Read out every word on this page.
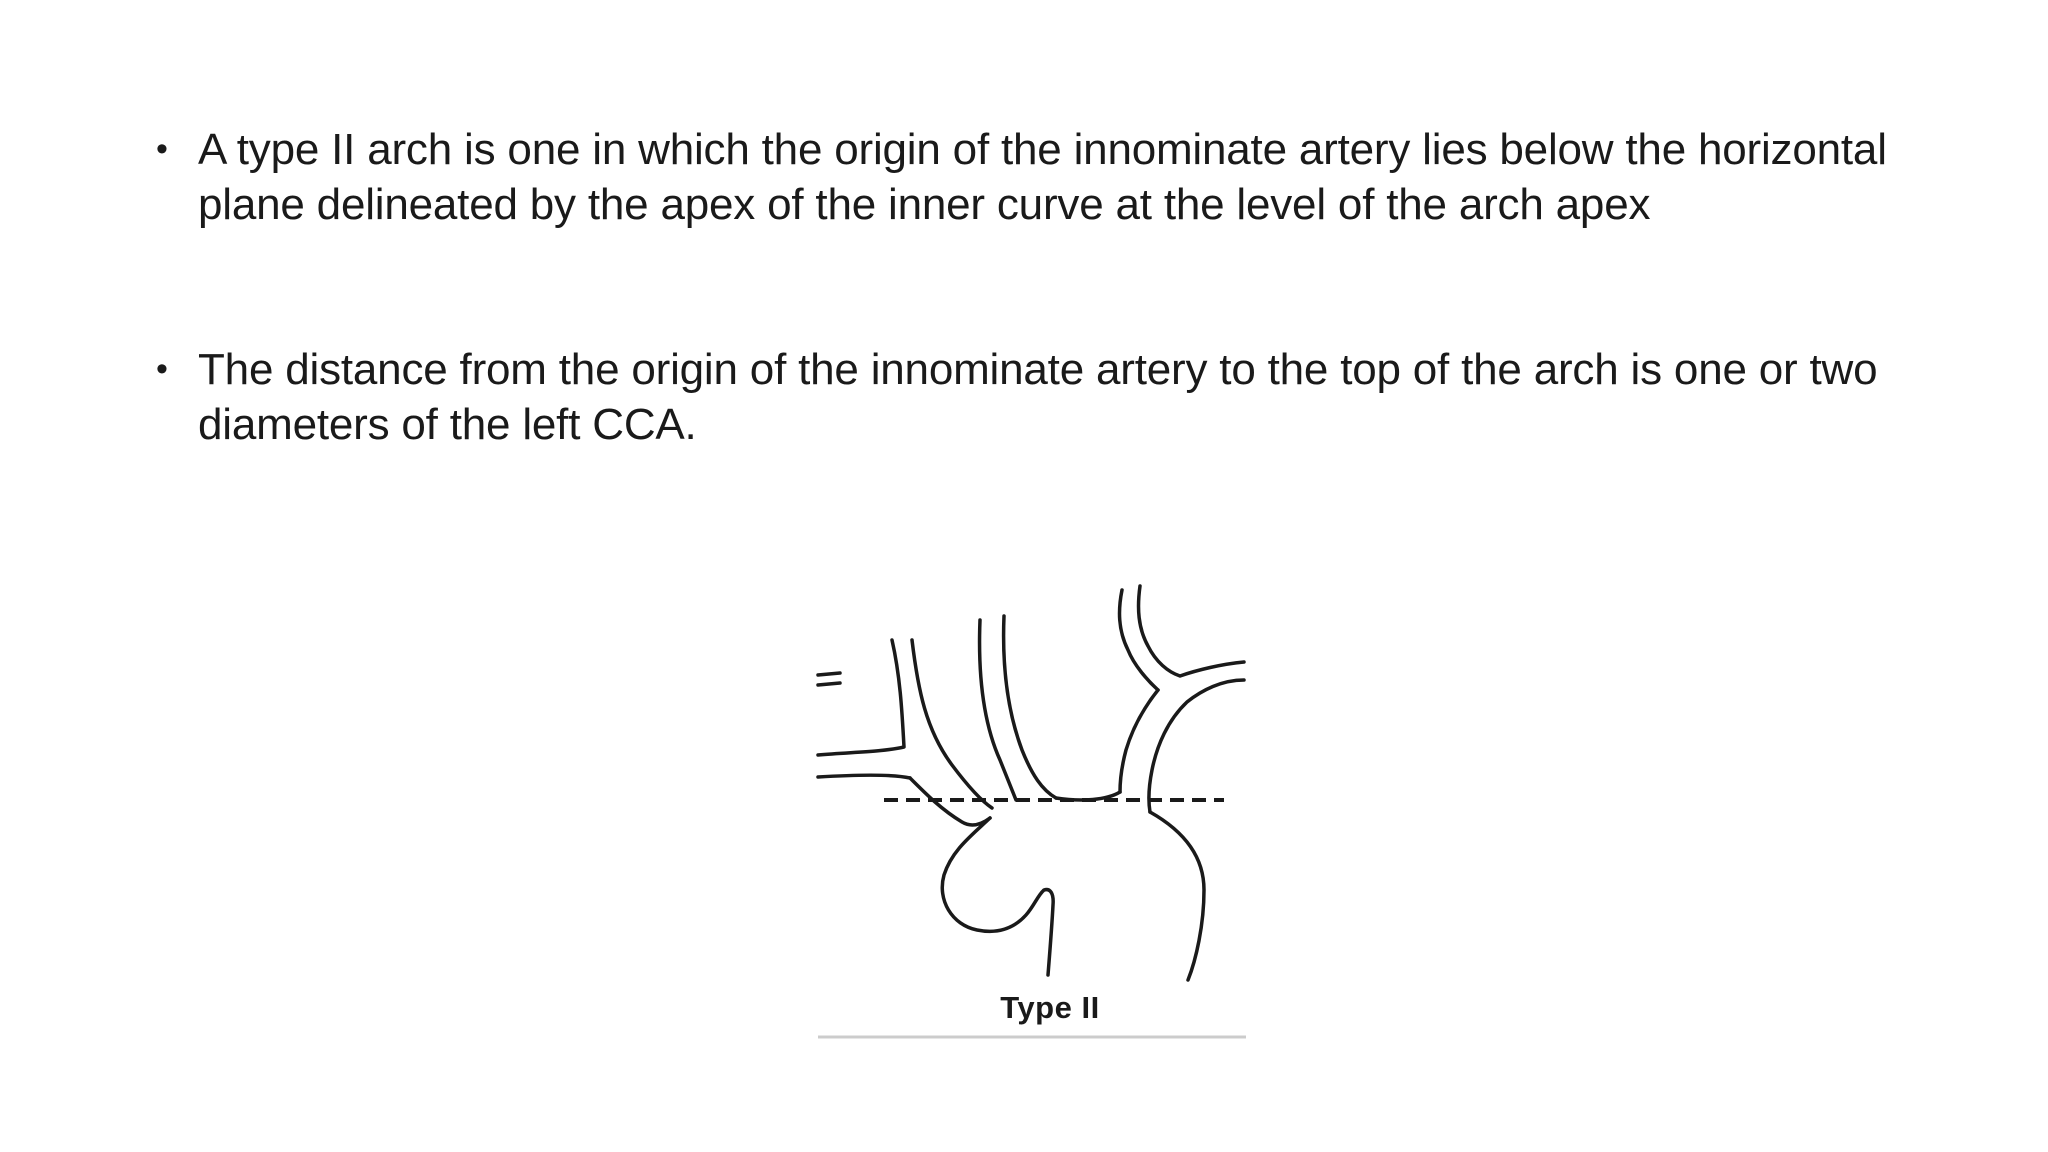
• A type II arch is one in which the origin of the innominate artery lies below the horizontal plane delineated by the apex of the inner curve at the level of the arch apex
• The distance from the origin of the innominate artery to the top of the arch is one or two diameters of the left CCA.
Type II
